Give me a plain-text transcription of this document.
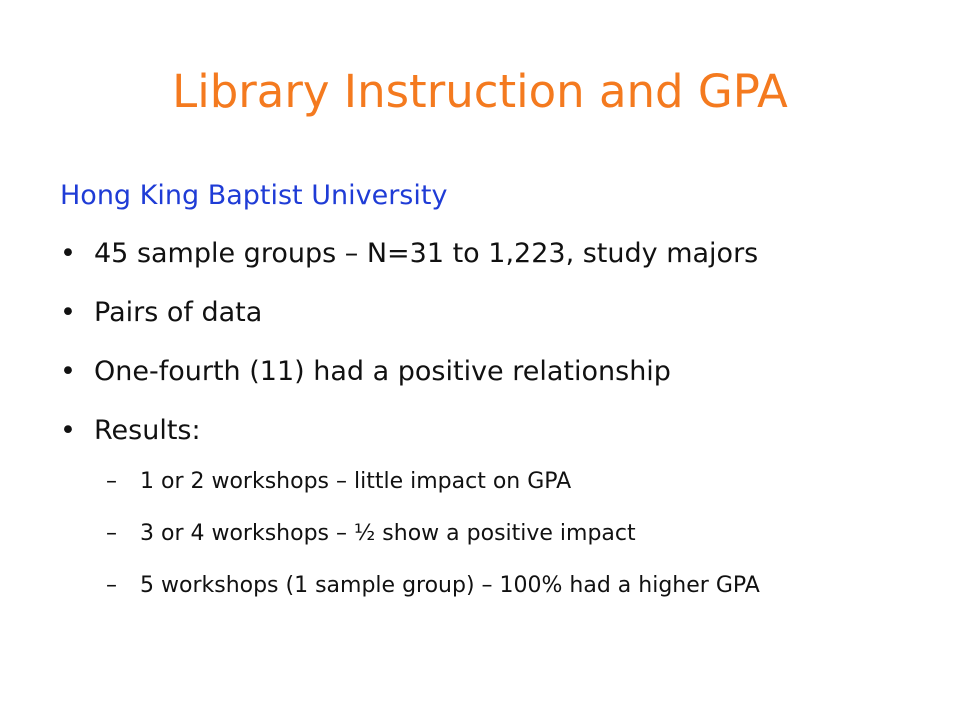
Library Instruction and GPA
Hong King Baptist University
• 45 sample groups – N=31 to 1,223, study majors
• Pairs of data
• One-fourth (11) had a positive relationship
• Results:
– 1 or 2 workshops – little impact on GPA
– 3 or 4 workshops – ½ show a positive impact
– 5 workshops (1 sample group) – 100% had a higher GPA
